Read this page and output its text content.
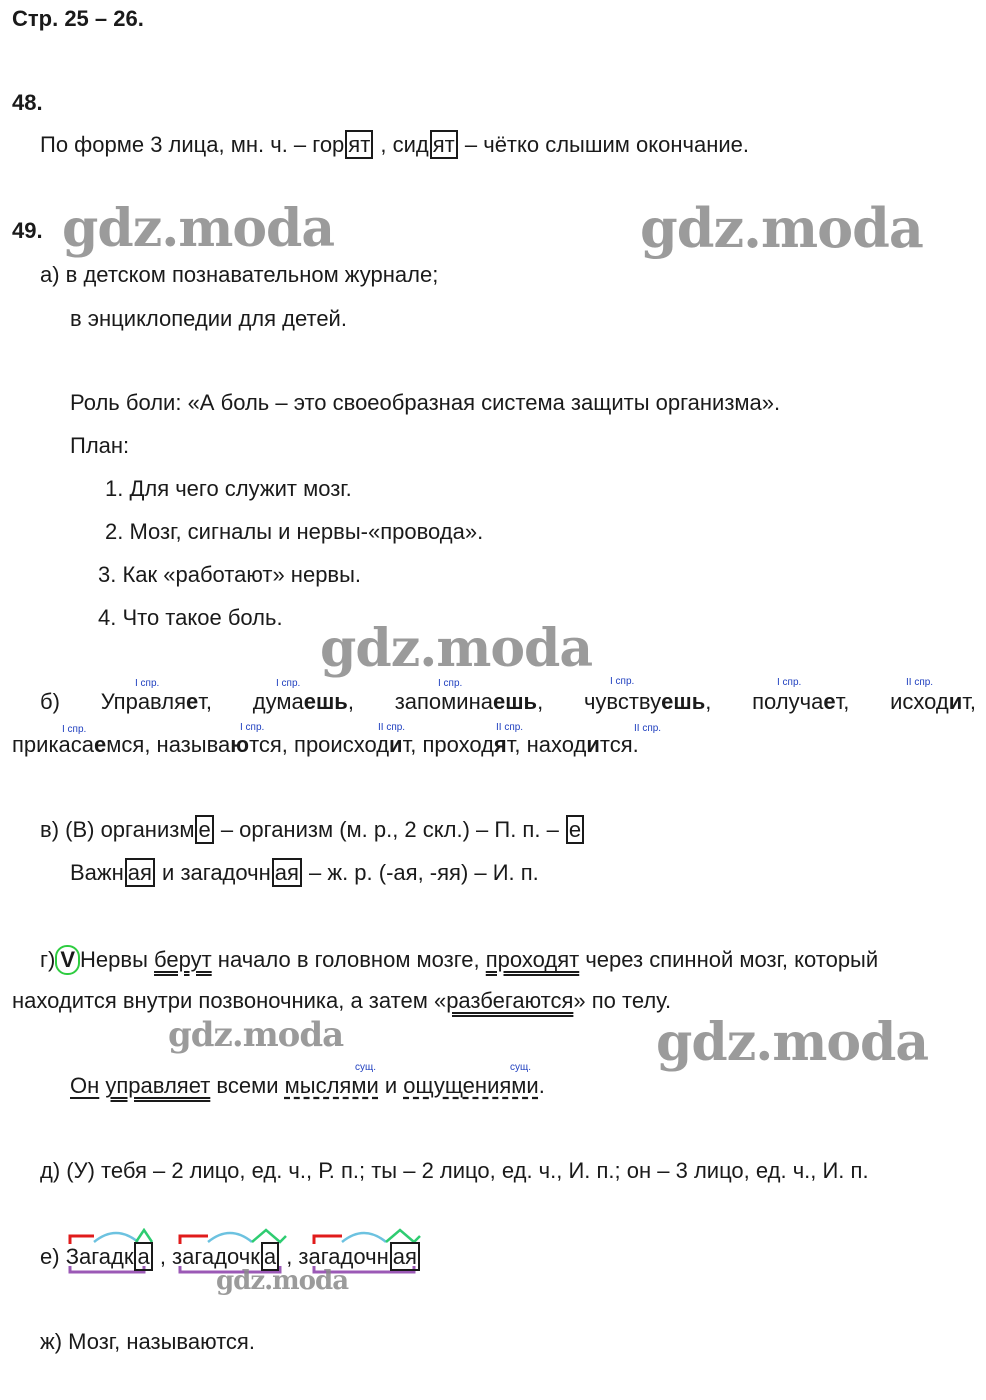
Стр. 25 – 26.
48.
По форме 3 лица, мн. ч. – гор ят , сид ят – чётко слышим окончание.
49. gdz.moda	gdz.moda
а) в детском познавательном журнале;
в энциклопедии для детей.
Роль боли: «А боль – это своеобразная система защиты организма».
План:
1. Для чего служит мозг.
2. Мозг, сигналы и нервы-«провода».
3. Как «работают» нервы.
4. Что такое боль.
gdz.moda
I спр.	I спр.	I спр.	I спр.	I спр.	II спр.
б) Управляет, думаешь, запоминаешь, чувствуешь, получает, исходит,
I спр.	I спр.	II спр.	II спр.	II спр.
прикасаемся, называются, происходит, проходят, находится.
в) (В) организм е – организм (м. р., 2 скл.) – П. п. – е
Важн ая и загадочн ая – ж. р. (-ая, -яя) – И. п.
г) V Нервы берут начало в головном мозге, проходят через спинной мозг, который
находится внутри позвоночника, а затем «разбегаются» по телу.
gdz.moda	gdz.moda
сущ.	сущ.
Он управляет всеми мыслями и ощущениями.
д) (У) тебя – 2 лицо, ед. ч., Р. п.; ты – 2 лицо, ед. ч., И. п.; он – 3 лицо, ед. ч., И. п.
е) Загадк а , загадочк а , загадочн ая
gdz.moda
ж) Мозг, называются.
